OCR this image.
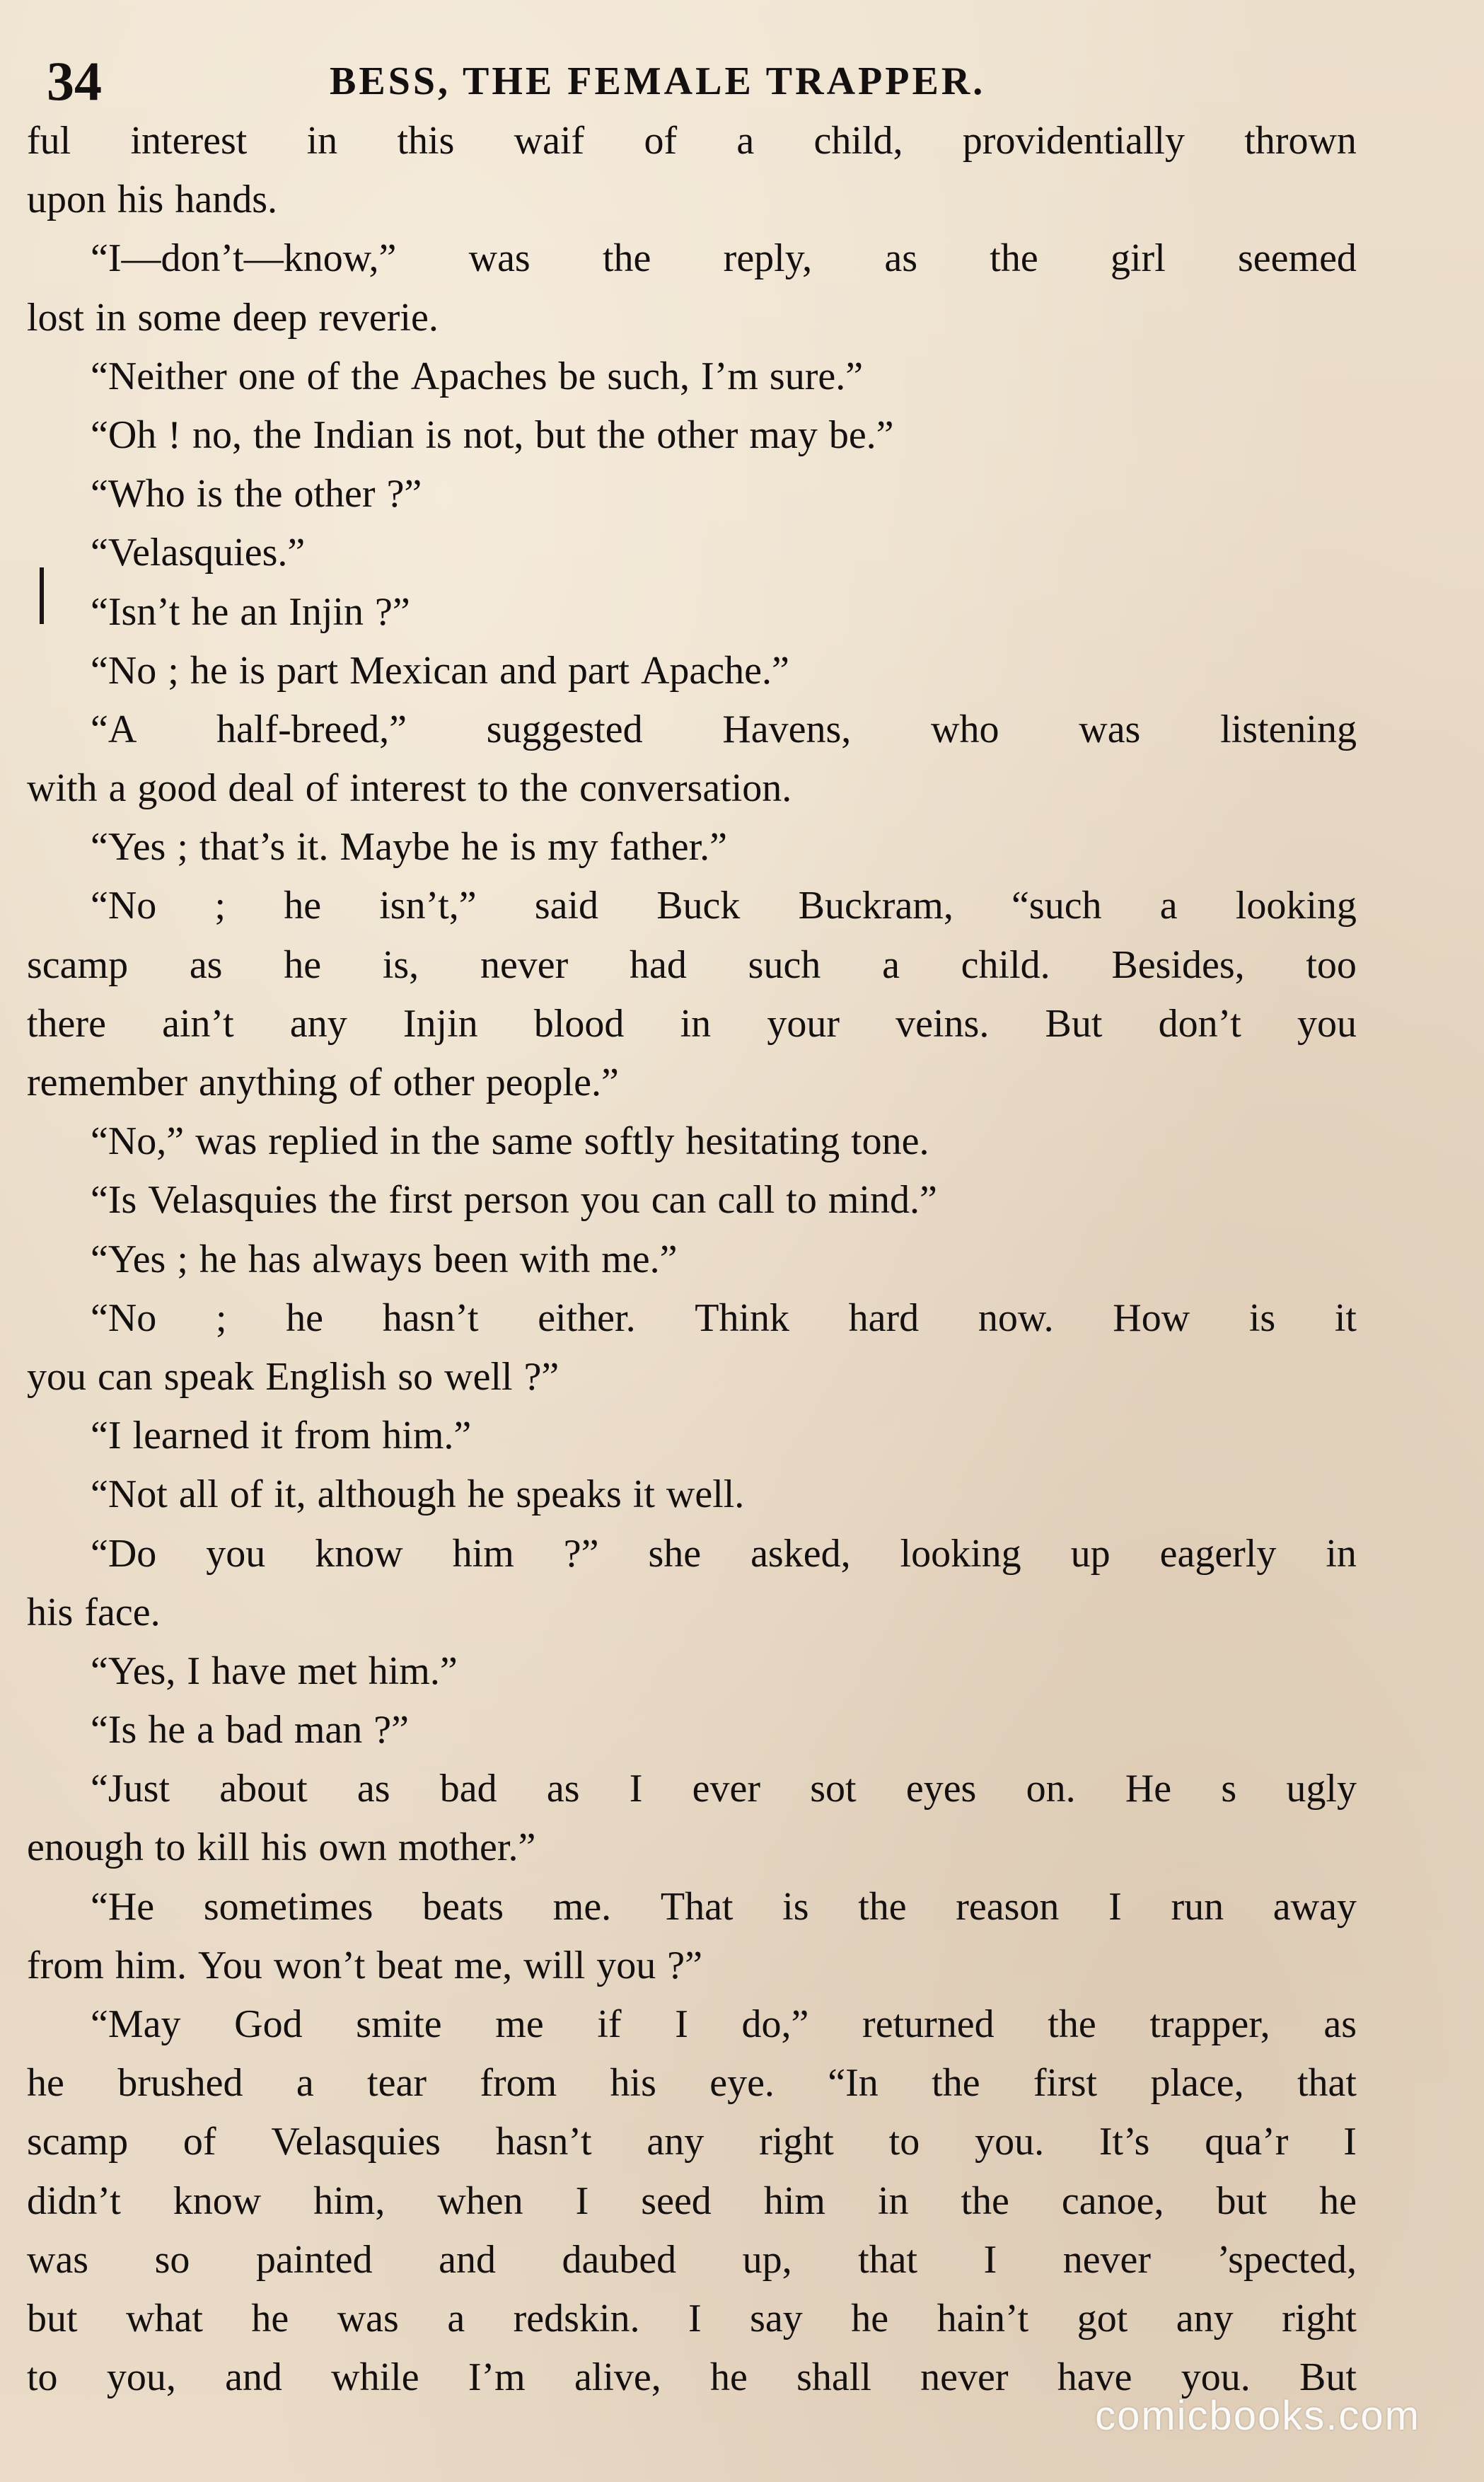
34	BESS, THE FEMALE TRAPPER.
ful interest in this waif of a child, providentially thrown
upon his hands.
“I—don’t—know,” was the reply, as the girl seemed
lost in some deep reverie.
“Neither one of the Apaches be such, I’m sure.”
“Oh ! no, the Indian is not, but the other may be.”
“Who is the other ?”
“Velasquies.”
“Isn’t he an Injin ?”
“No ; he is part Mexican and part Apache.”
“A half-breed,” suggested Havens, who was listening
with a good deal of interest to the conversation.
“Yes ; that’s it. Maybe he is my father.”
“No ; he isn’t,” said Buck Buckram, “such a looking
scamp as he is, never had such a child. Besides, too
there ain’t any Injin blood in your veins. But don’t you
remember anything of other people.”
“No,” was replied in the same softly hesitating tone.
“Is Velasquies the first person you can call to mind.”
“Yes ; he has always been with me.”
“No ; he hasn’t either. Think hard now. How is it
you can speak English so well ?”
“I learned it from him.”
“Not all of it, although he speaks it well.
“Do you know him ?” she asked, looking up eagerly in
his face.
“Yes, I have met him.”
“Is he a bad man ?”
“Just about as bad as I ever sot eyes on. He s ugly
enough to kill his own mother.”
“He sometimes beats me. That is the reason I run away
from him. You won’t beat me, will you ?”
“May God smite me if I do,” returned the trapper, as
he brushed a tear from his eye. “In the first place, that
scamp of Velasquies hasn’t any right to you. It’s qua’r I
didn’t know him, when I seed him in the canoe, but he
was so painted and daubed up, that I never ’spected,
but what he was a redskin. I say he hain’t got any right
to you, and while I’m alive, he shall never have you. But
comicbooks.com
